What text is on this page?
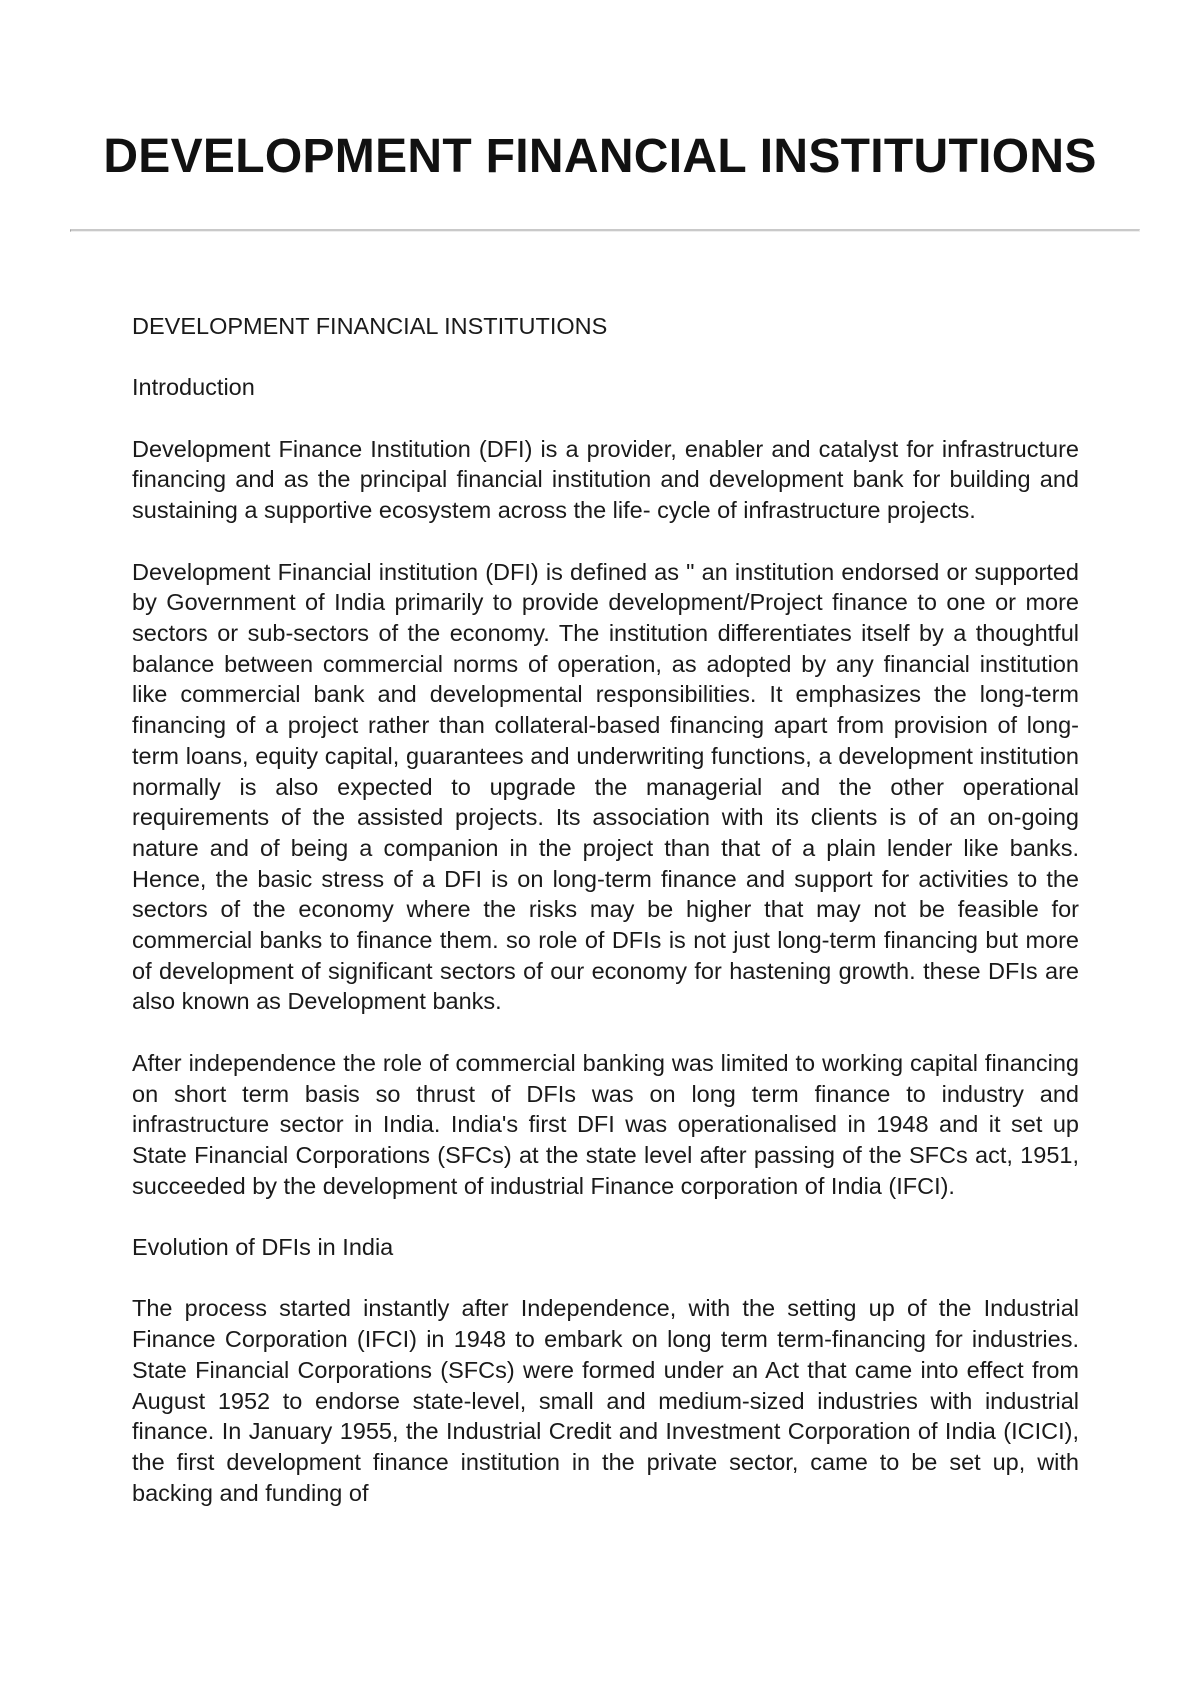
DEVELOPMENT FINANCIAL INSTITUTIONS

DEVELOPMENT FINANCIAL INSTITUTIONS

Introduction

Development Finance Institution (DFI) is a provider, enabler and catalyst for infrastructure financing and as the principal financial institution and development bank for building and sustaining a supportive ecosystem across the life- cycle of infrastructure projects.

Development Financial institution (DFI) is defined as " an institution endorsed or supported by Government of India primarily to provide development/Project finance to one or more sectors or sub-sectors of the economy. The institution differentiates itself by a thoughtful balance between commercial norms of operation, as adopted by any financial institution like commercial bank and developmental responsibilities. It emphasizes the long-term financing of a project rather than collateral-based financing apart from provision of long-term loans, equity capital, guarantees and underwriting functions, a development institution normally is also expected to upgrade the managerial and the other operational requirements of the assisted projects. Its association with its clients is of an on-going nature and of being a companion in the project than that of a plain lender like banks. Hence, the basic stress of a DFI is on long-term finance and support for activities to the sectors of the economy where the risks may be higher that may not be feasible for commercial banks to finance them. so role of DFIs is not just long-term financing but more of development of significant sectors of our economy for hastening growth. these DFIs are also known as Development banks.

After independence the role of commercial banking was limited to working capital financing on short term basis so thrust of DFIs was on long term finance to industry and infrastructure sector in India. India's first DFI was operationalised in 1948 and it set up State Financial Corporations (SFCs) at the state level after passing of the SFCs act, 1951, succeeded by the development of industrial Finance corporation of India (IFCI).

Evolution of DFIs in India

The process started instantly after Independence, with the setting up of the Industrial Finance Corporation (IFCI) in 1948 to embark on long term term-financing for industries. State Financial Corporations (SFCs) were formed under an Act that came into effect from August 1952 to endorse state-level, small and medium-sized industries with industrial finance. In January 1955, the Industrial Credit and Investment Corporation of India (ICICI), the first development finance institution in the private sector, came to be set up, with backing and funding of
